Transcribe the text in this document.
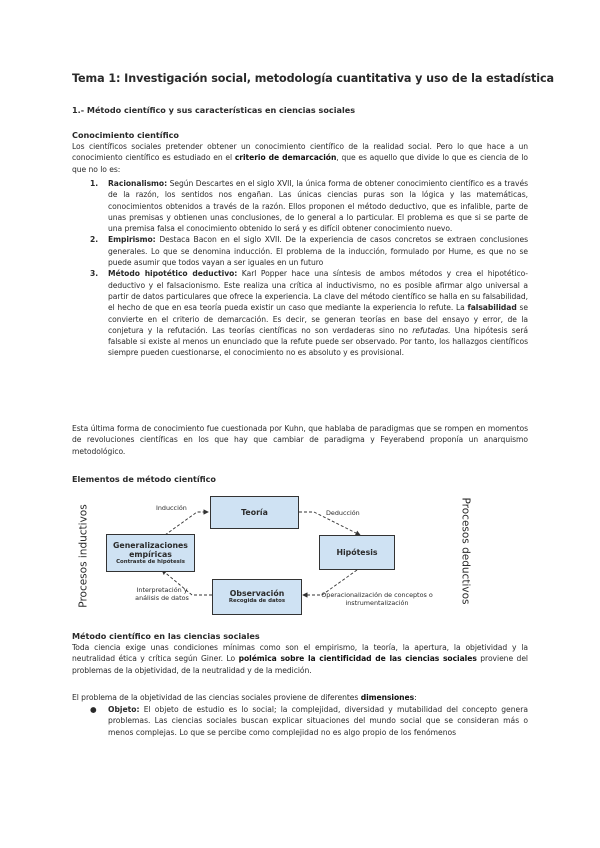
Tema 1: Investigación social, metodología cuantitativa y uso de la estadística
1.- Método científico y sus características en ciencias sociales
Conocimiento científico
Los científicos sociales pretender obtener un conocimiento científico de la realidad social. Pero lo que hace a un conocimiento científico es estudiado en el criterio de demarcación, que es aquello que divide lo que es ciencia de lo que no lo es:
1. Racionalismo: Según Descartes en el siglo XVII, la única forma de obtener conocimiento científico es a través de la razón, los sentidos nos engañan. Las únicas ciencias puras son la lógica y las matemáticas, conocimientos obtenidos a través de la razón. Ellos proponen el método deductivo, que es infalible, parte de unas premisas y obtienen unas conclusiones, de lo general a lo particular. El problema es que si se parte de una premisa falsa el conocimiento obtenido lo será y es difícil obtener conocimiento nuevo.
2. Empirismo: Destaca Bacon en el siglo XVII. De la experiencia de casos concretos se extraen conclusiones generales. Lo que se denomina inducción. El problema de la inducción, formulado por Hume, es que no se puede asumir que todos vayan a ser iguales en un futuro
3. Método hipotético deductivo: Karl Popper hace una síntesis de ambos métodos y crea el hipotético-deductivo y el falsacionismo. Este realiza una crítica al inductivismo, no es posible afirmar algo universal a partir de datos particulares que ofrece la experiencia. La clave del método científico se halla en su falsabilidad, el hecho de que en esa teoría pueda existir un caso que mediante la experiencia lo refute. La falsabilidad se convierte en el criterio de demarcación. Es decir, se generan teorías en base del ensayo y error, de la conjetura y la refutación. Las teorías científicas no son verdaderas sino no refutadas. Una hipótesis será falsable si existe al menos un enunciado que la refute puede ser observado. Por tanto, los hallazgos científicos siempre pueden cuestionarse, el conocimiento no es absoluto y es provisional.
Esta última forma de conocimiento fue cuestionada por Kuhn, que hablaba de paradigmas que se rompen en momentos de revoluciones científicas en los que hay que cambiar de paradigma y Feyerabend proponía un anarquismo metodológico.
Elementos de método científico
Teoría
Hipótesis
Observación
Recogida de datos
Generalizaciones empíricas
Contraste de hipótesis
Inducción
Deducción
Interpretación y análisis de datos	Operacionalización de conceptos o instrumentalización
Procesos inductivos	Procesos deductivos
Método científico en las ciencias sociales
Toda ciencia exige unas condiciones mínimas como son el empirismo, la teoría, la apertura, la objetividad y la neutralidad ética y crítica según Giner. Lo polémica sobre la cientificidad de las ciencias sociales proviene del problemas de la objetividad, de la neutralidad y de la medición.
El problema de la objetividad de las ciencias sociales proviene de diferentes dimensiones:
● Objeto: El objeto de estudio es lo social; la complejidad, diversidad y mutabilidad del concepto genera problemas. Las ciencias sociales buscan explicar situaciones del mundo social que se consideran más o menos complejas. Lo que se percibe como complejidad no es algo propio de los fenómenos
